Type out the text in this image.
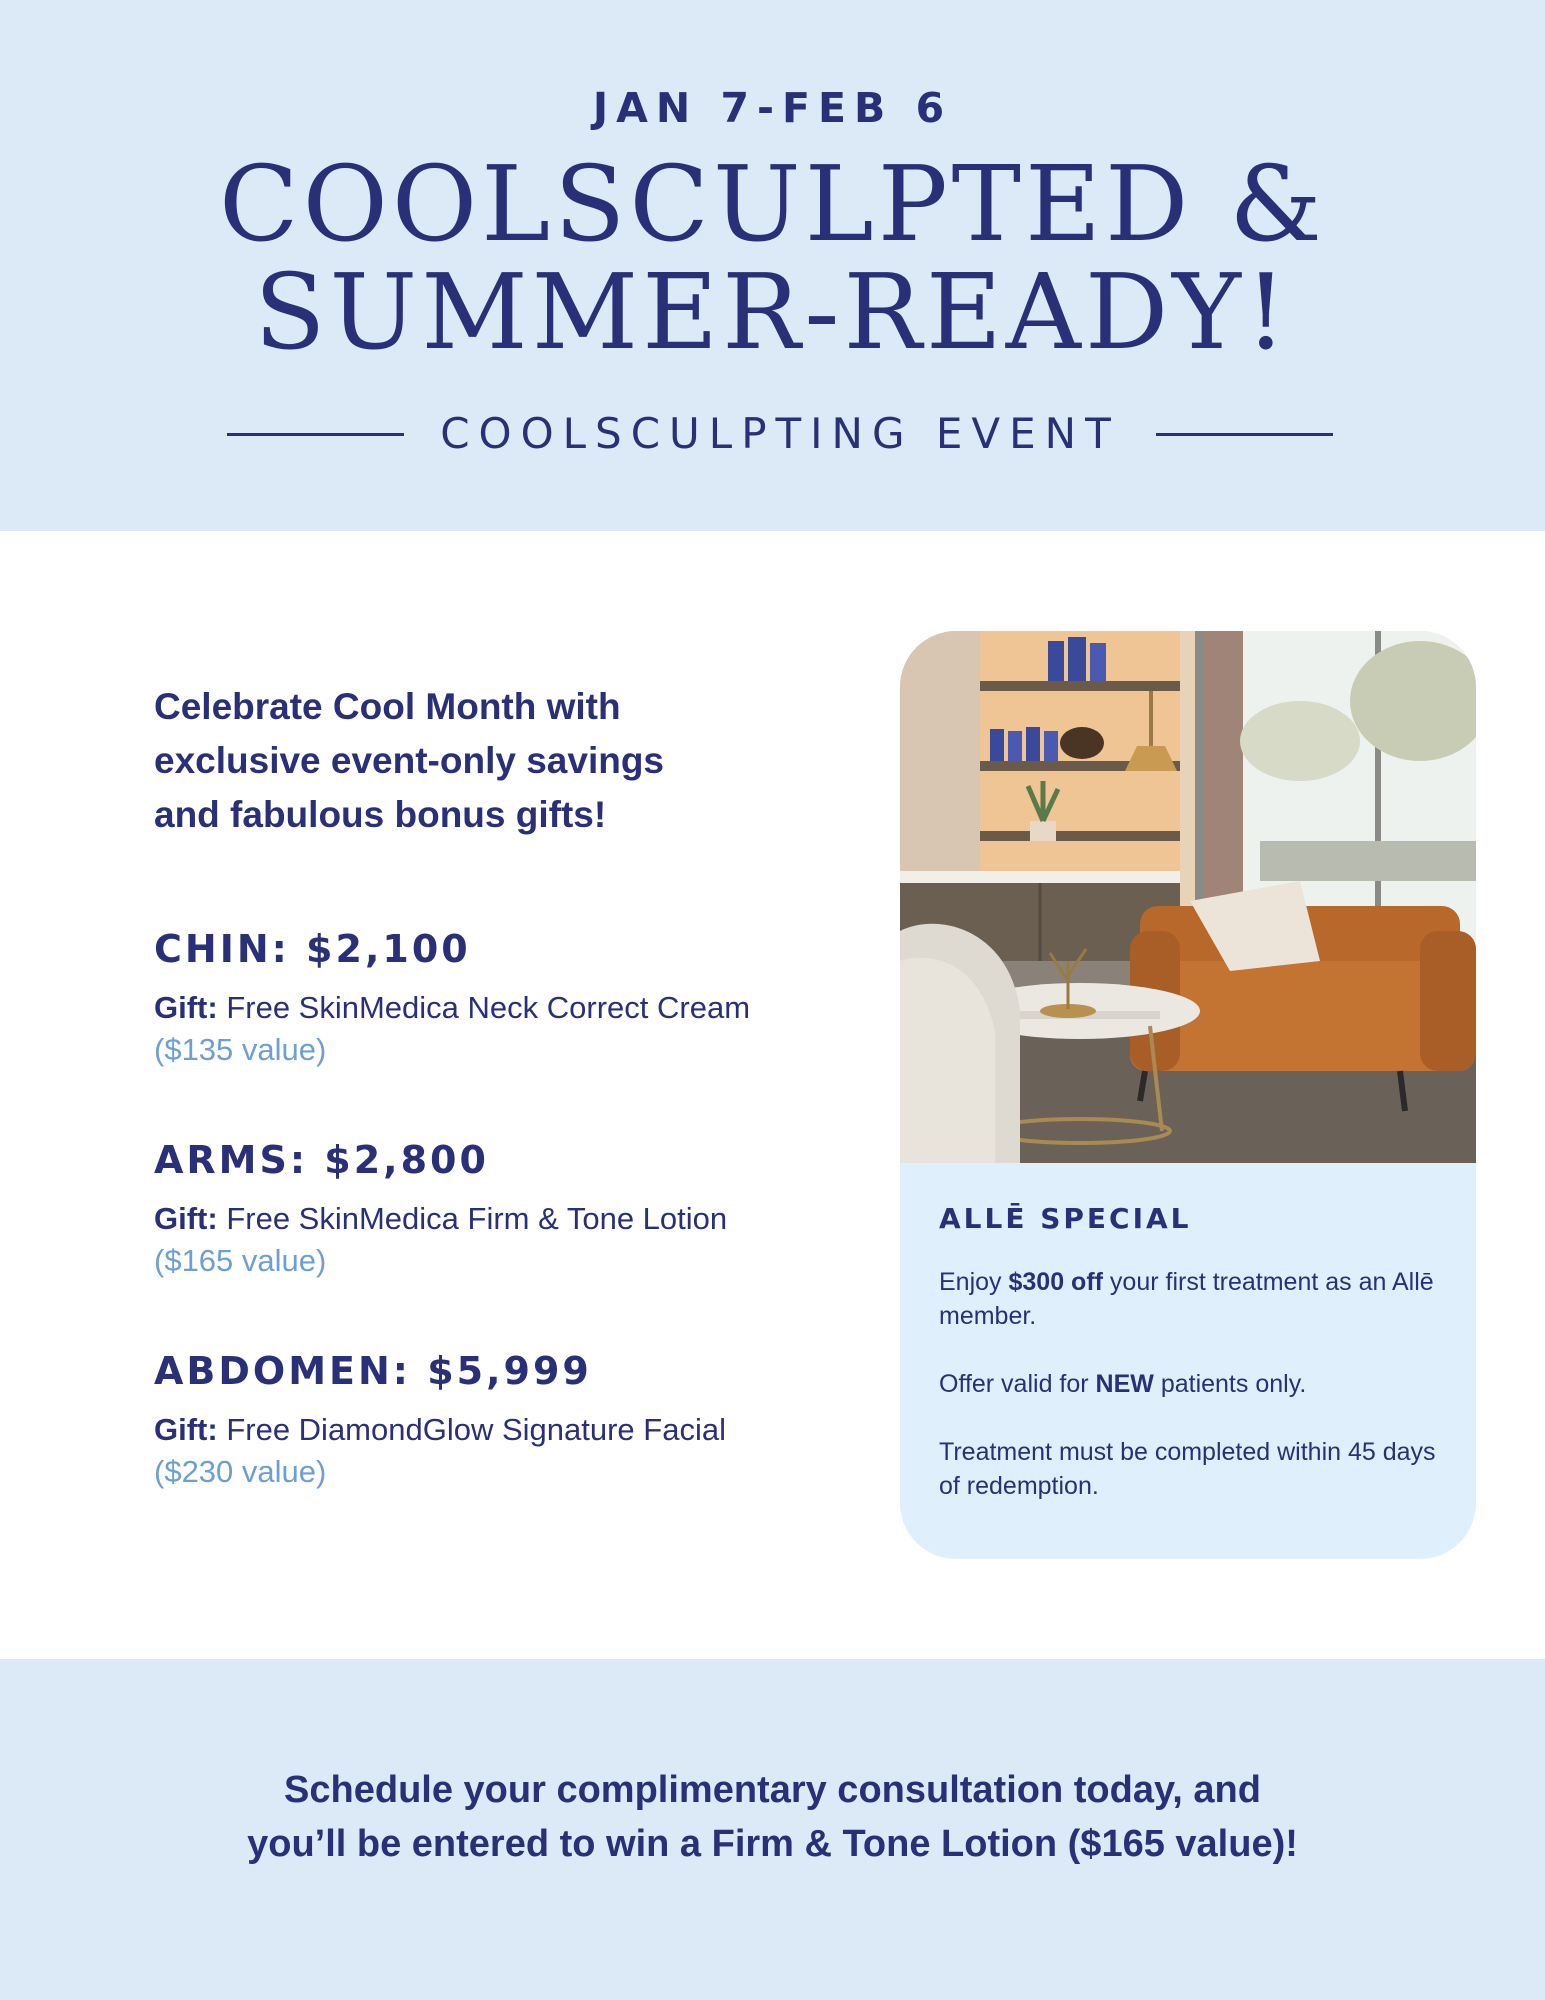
JAN 7-FEB 6
COOLSCULPTED &
SUMMER-READY!
COOLSCULPTING EVENT
Celebrate Cool Month with
exclusive event-only savings
and fabulous bonus gifts!
CHIN: $2,100
Gift: Free SkinMedica Neck Correct Cream
($135 value)
ARMS: $2,800
Gift: Free SkinMedica Firm & Tone Lotion
($165 value)
ABDOMEN: $5,999
Gift: Free DiamondGlow Signature Facial
($230 value)
ALLĒ SPECIAL
Enjoy $300 off your first treatment as an Allē member.
Offer valid for NEW patients only.
Treatment must be completed within 45 days of redemption.
Schedule your complimentary consultation today, and
you’ll be entered to win a Firm & Tone Lotion ($165 value)!
